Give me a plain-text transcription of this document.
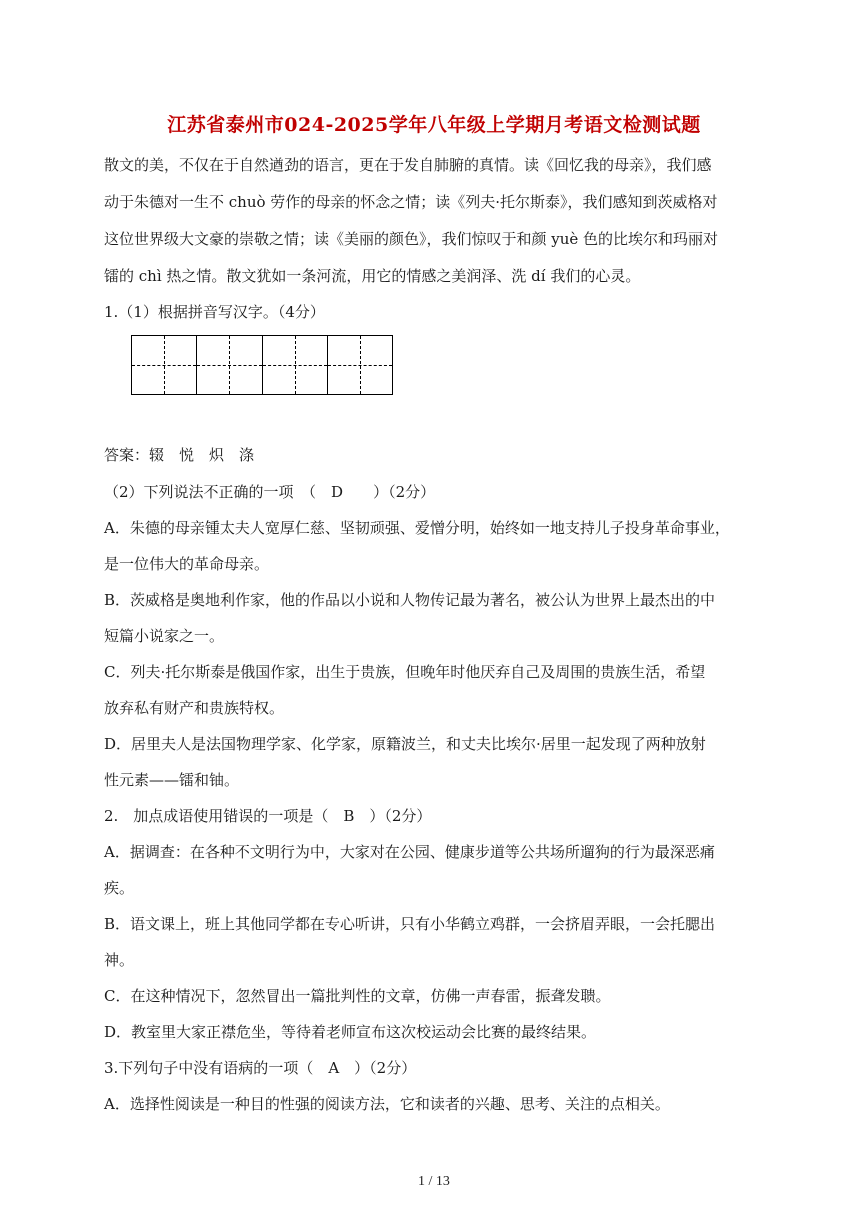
江苏省泰州市024-2025学年八年级上学期月考语文检测试题
散文的美，不仅在于自然遒劲的语言，更在于发自肺腑的真情。读《回忆我的母亲》，我们感
动于朱德对一生不 chuò 劳作的母亲的怀念之情；读《列夫·托尔斯泰》，我们感知到茨威格对
这位世界级大文豪的崇敬之情；读《美丽的颜色》，我们惊叹于和颜 yuè 色的比埃尔和玛丽对
镭的 chì 热之情。散文犹如一条河流，用它的情感之美润泽、洗 dí 我们的心灵。
1.（1）根据拼音写汉字。（4分）
答案：辍　悦　炽　涤
（2）下列说法不正确的一项　（　D　　）（2分）
A．朱德的母亲锺太夫人宽厚仁慈、坚韧顽强、爱憎分明，始终如一地支持儿子投身革命事业，
是一位伟大的革命母亲。
B．茨威格是奥地利作家，他的作品以小说和人物传记最为著名，被公认为世界上最杰出的中
短篇小说家之一。
C．列夫·托尔斯泰是俄国作家，出生于贵族，但晚年时他厌弃自己及周围的贵族生活，希望
放弃私有财产和贵族特权。
D．居里夫人是法国物理学家、化学家，原籍波兰，和丈夫比埃尔·居里一起发现了两种放射
性元素——镭和铀。
2.　加点成语使用错误的一项是（　B　）（2分）
A．据调查：在各种不文明行为中，大家对在公园、健康步道等公共场所遛狗的行为最深恶痛
疾。
B．语文课上，班上其他同学都在专心听讲，只有小华鹤立鸡群，一会挤眉弄眼，一会托腮出
神。
C．在这种情况下，忽然冒出一篇批判性的文章，仿佛一声春雷，振聋发聩。
D．教室里大家正襟危坐，等待着老师宣布这次校运动会比赛的最终结果。
3.下列句子中没有语病的一项（　A　）（2分）
A．选择性阅读是一种目的性强的阅读方法，它和读者的兴趣、思考、关注的点相关。
1 / 13
